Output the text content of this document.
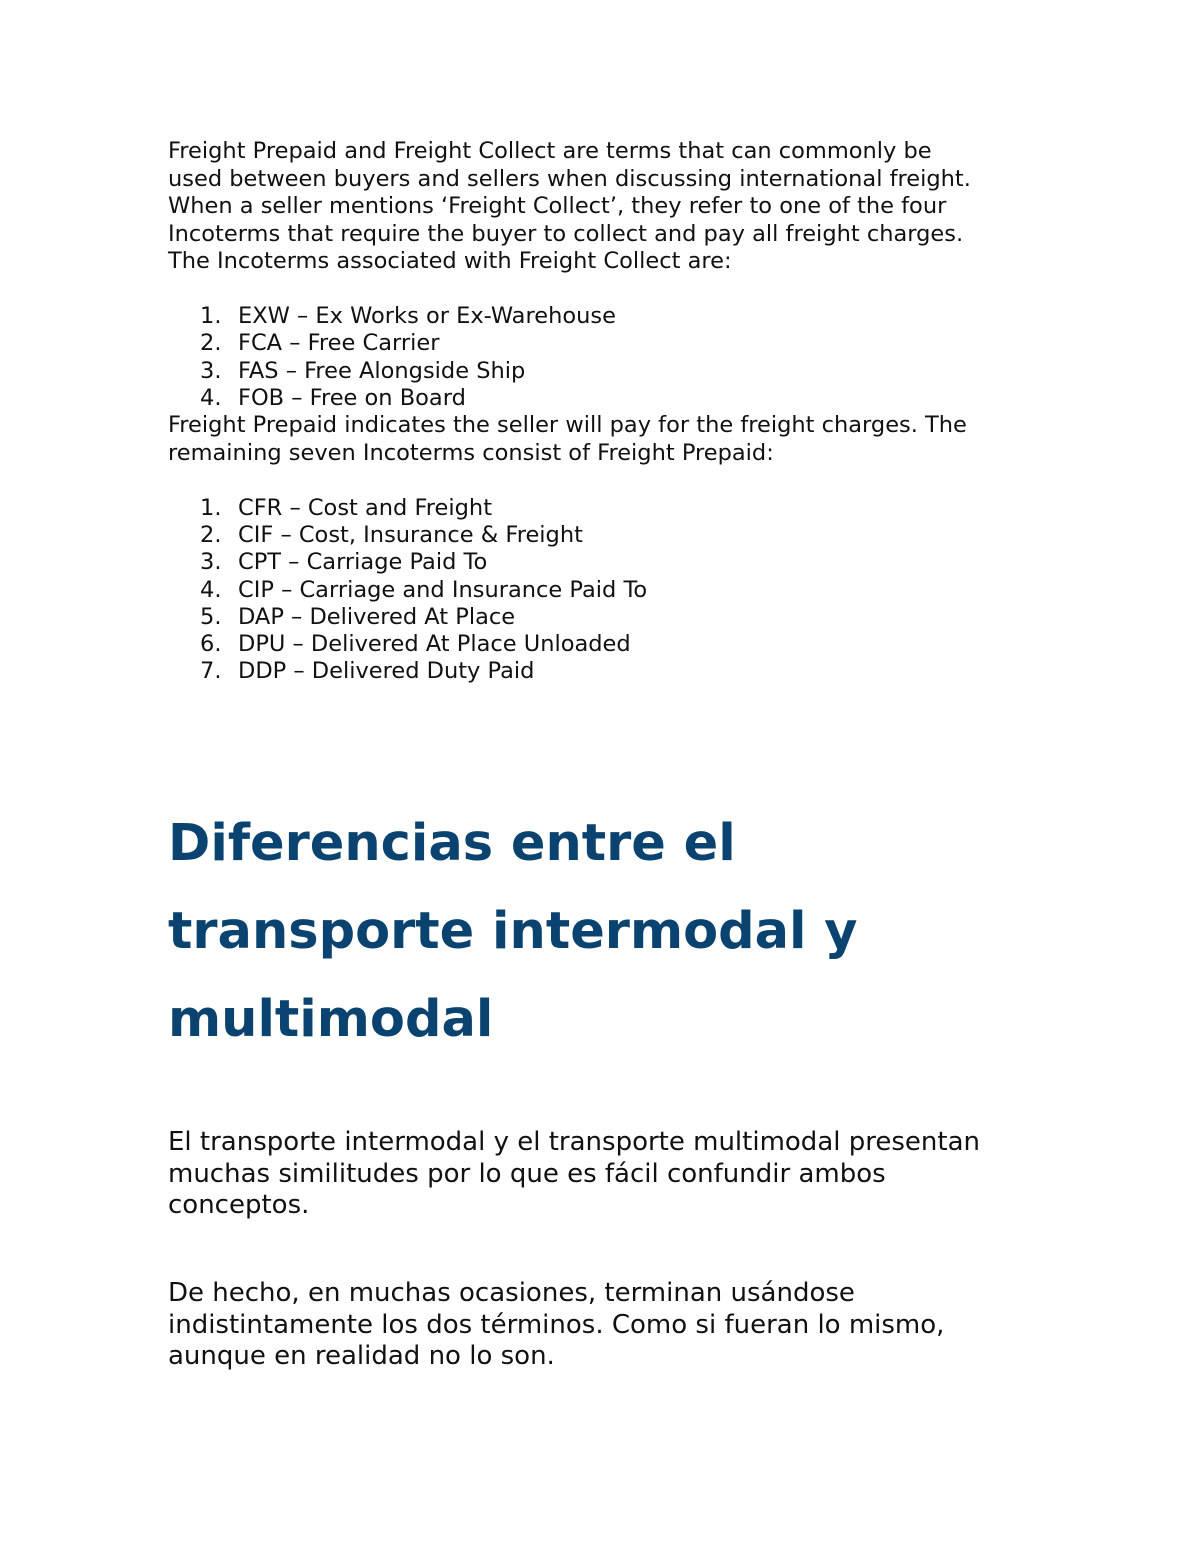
Freight Prepaid and Freight Collect are terms that can commonly be
used between buyers and sellers when discussing international freight.
When a seller mentions ‘Freight Collect’, they refer to one of the four
Incoterms that require the buyer to collect and pay all freight charges.
The Incoterms associated with Freight Collect are:

1. EXW – Ex Works or Ex-Warehouse
2. FCA – Free Carrier
3. FAS – Free Alongside Ship
4. FOB – Free on Board

Freight Prepaid indicates the seller will pay for the freight charges. The
remaining seven Incoterms consist of Freight Prepaid:

1. CFR – Cost and Freight
2. CIF – Cost, Insurance & Freight
3. CPT – Carriage Paid To
4. CIP – Carriage and Insurance Paid To
5. DAP – Delivered At Place
6. DPU – Delivered At Place Unloaded
7. DDP – Delivered Duty Paid
Diferencias entre el
transporte intermodal y
multimodal

El transporte intermodal y el transporte multimodal presentan
muchas similitudes por lo que es fácil confundir ambos
conceptos.

De hecho, en muchas ocasiones, terminan usándose
indistintamente los dos términos. Como si fueran lo mismo,
aunque en realidad no lo son.
